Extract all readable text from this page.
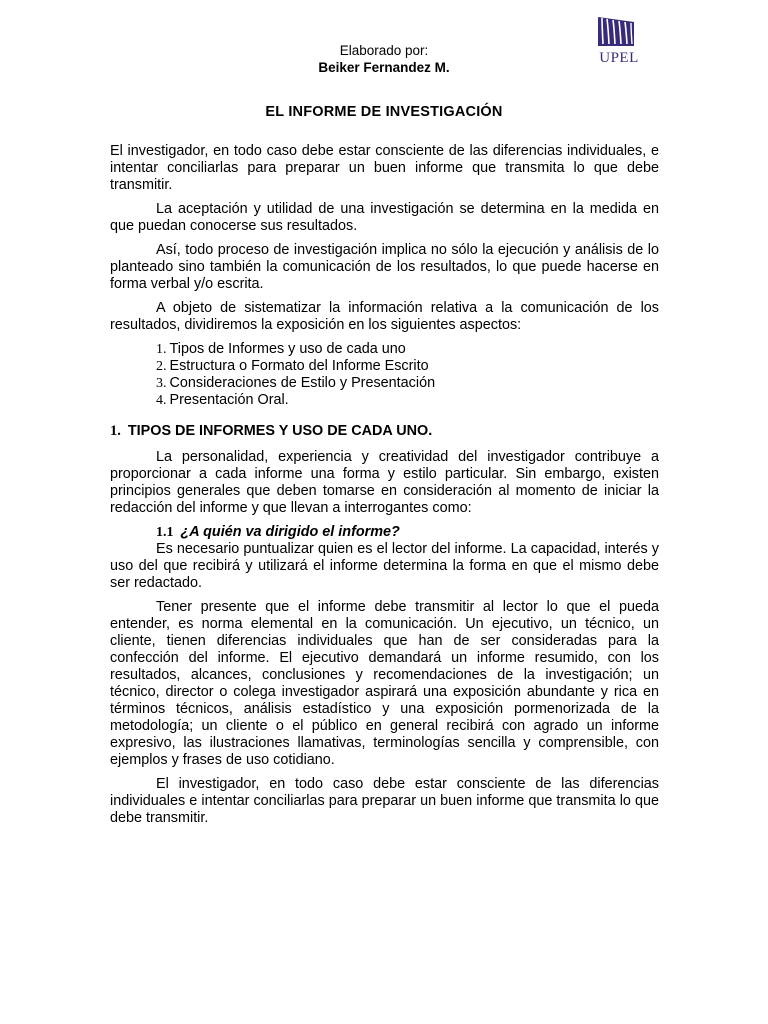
Elaborado por:
Beiker Fernandez M.
UPEL
EL INFORME DE INVESTIGACIÓN

El investigador, en todo caso debe estar consciente de las diferencias individuales, e intentar conciliarlas para preparar un buen informe que transmita lo que debe transmitir.

La aceptación y utilidad de una investigación se determina en la medida en que puedan conocerse sus resultados.

Así, todo proceso de investigación implica no sólo la ejecución y análisis de lo planteado sino también la comunicación de los resultados, lo que puede hacerse en forma verbal y/o escrita.

A objeto de sistematizar la información relativa a la comunicación de los resultados, dividiremos la exposición en los siguientes aspectos:

1. Tipos de Informes y uso de cada uno
2. Estructura o Formato del Informe Escrito
3. Consideraciones de Estilo y Presentación
4. Presentación Oral.
1. TIPOS DE INFORMES Y USO DE CADA UNO.

La personalidad, experiencia y creatividad del investigador contribuye a proporcionar a cada informe una forma y estilo particular. Sin embargo, existen principios generales que deben tomarse en consideración al momento de iniciar la redacción del informe y que llevan a interrogantes como:

1.1 ¿A quién va dirigido el informe?

Es necesario puntualizar quien es el lector del informe. La capacidad, interés y uso del que recibirá y utilizará el informe determina la forma en que el mismo debe ser redactado.

Tener presente que el informe debe transmitir al lector lo que el pueda entender, es norma elemental en la comunicación. Un ejecutivo, un técnico, un cliente, tienen diferencias individuales que han de ser consideradas para la confección del informe. El ejecutivo demandará un informe resumido, con los resultados, alcances, conclusiones y recomendaciones de la investigación; un técnico, director o colega investigador aspirará una exposición abundante y rica en términos técnicos, análisis estadístico y una exposición pormenorizada de la metodología; un cliente o el público en general recibirá con agrado un informe expresivo, las ilustraciones llamativas, terminologías sencilla y comprensible, con ejemplos y frases de uso cotidiano.

El investigador, en todo caso debe estar consciente de las diferencias individuales e intentar conciliarlas para preparar un buen informe que transmita lo que debe transmitir.
